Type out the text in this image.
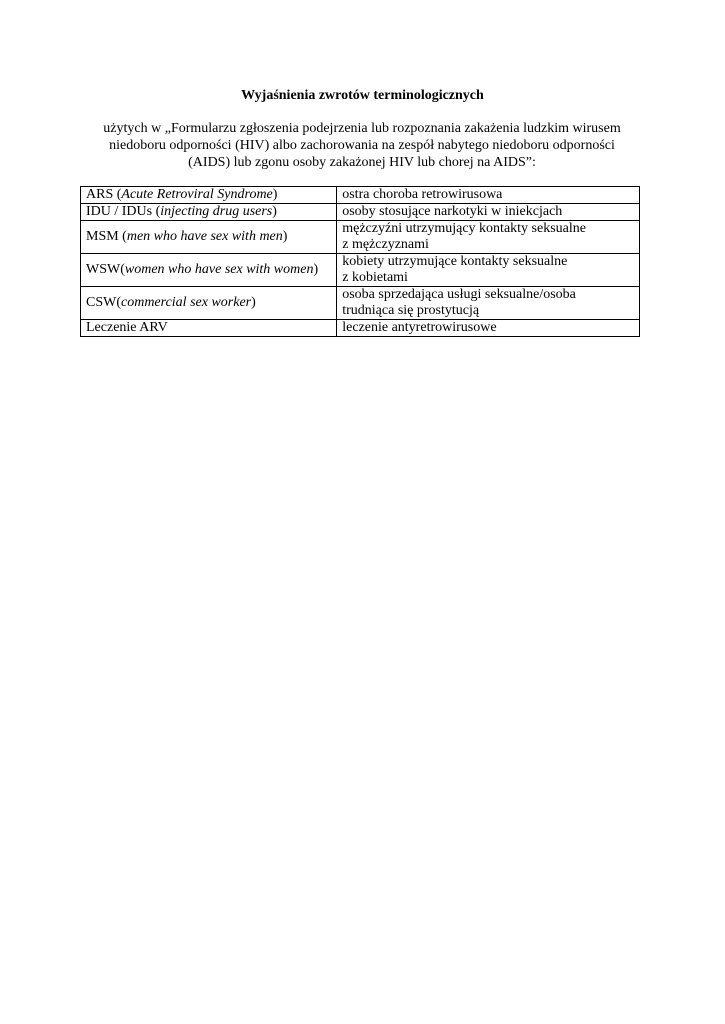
Wyjaśnienia zwrotów terminologicznych
użytych w „Formularzu zgłoszenia podejrzenia lub rozpoznania zakażenia ludzkim wirusem
niedoboru odporności (HIV) albo zachorowania na zespół nabytego niedoboru odporności
(AIDS) lub zgonu osoby zakażonej HIV lub chorej na AIDS”:
ARS (Acute Retroviral Syndrome)	ostra choroba retrowirusowa

IDU / IDUs (injecting drug users)	osoby stosujące narkotyki w iniekcjach

MSM (men who have sex with men)	mężczyźni utrzymujący kontakty seksualne
z mężczyznami

WSW(women who have sex with women)	kobiety utrzymujące kontakty seksualne
z kobietami

CSW(commercial sex worker)	osoba sprzedająca usługi seksualne/osoba
trudniąca się prostytucją

Leczenie ARV	leczenie antyretrowirusowe
